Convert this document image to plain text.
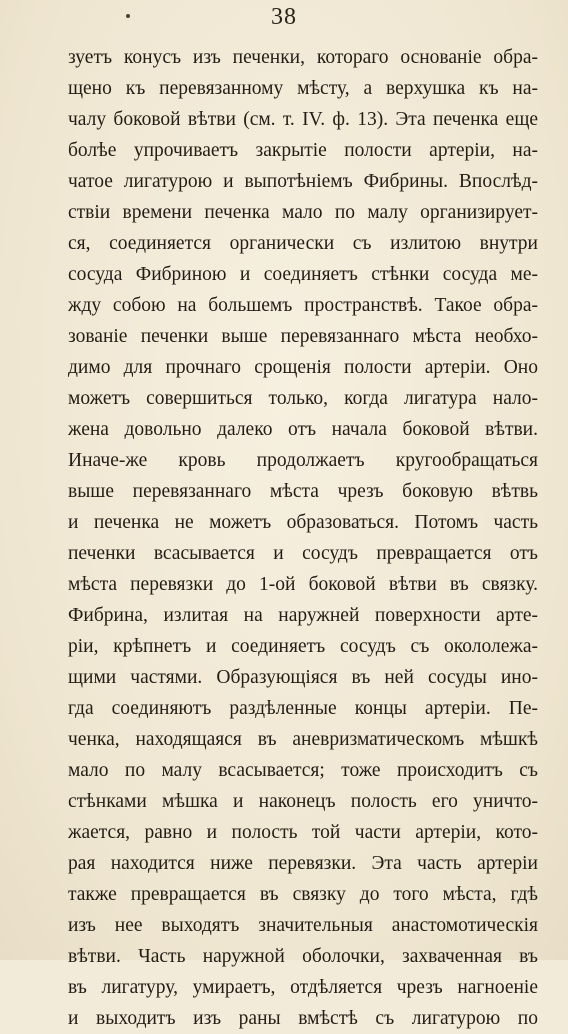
38
зуетъ конусъ изъ печенки, котораго основаніе обра-
щено къ перевязанному мѣсту, а верхушка къ на-
чалу боковой вѣтви (см. т. IV. ф. 13). Эта печенка еще
болѣе упрочиваетъ закрытіе полости артеріи, на-
чатое лигатурою и выпотѣніемъ Фибрины. Впослѣд-
ствіи времени печенка мало по малу организирует-
ся, соединяется органически съ излитою внутри
сосуда Фибриною и соединяетъ стѣнки сосуда ме-
жду собою на большемъ пространствѣ. Такое обра-
зованіе печенки выше перевязаннаго мѣста необхо-
димо для прочнаго срощенія полости артеріи. Оно
можетъ совершиться только, когда лигатура нало-
жена довольно далеко отъ начала боковой вѣтви.
Иначе-же кровь продолжаетъ кругообращаться
выше перевязаннаго мѣста чрезъ боковую вѣтвь
и печенка не можетъ образоваться. Потомъ часть
печенки всасывается и сосудъ превращается отъ
мѣста перевязки до 1-ой боковой вѣтви въ связку.
Фибрина, излитая на наружней поверхности арте-
ріи, крѣпнетъ и соединяетъ сосудъ съ окололежа-
щими частями. Образующіяся въ ней сосуды ино-
гда соединяютъ раздѣленные концы артеріи. Пе-
ченка, находящаяся въ аневризматическомъ мѣшкѣ
мало по малу всасывается; тоже происходитъ съ
стѣнками мѣшка и наконецъ полость его уничто-
жается, равно и полость той части артеріи, кото-
рая находится ниже перевязки. Эта часть артеріи
также превращается въ связку до того мѣста, гдѣ
изъ нее выходятъ значительныя анастомотическія
вѣтви. Часть наружной оболочки, захваченная въ
въ лигатуру, умираетъ, отдѣляется чрезъ нагноеніе
и выходитъ изъ раны вмѣстѣ съ лигатурою по
